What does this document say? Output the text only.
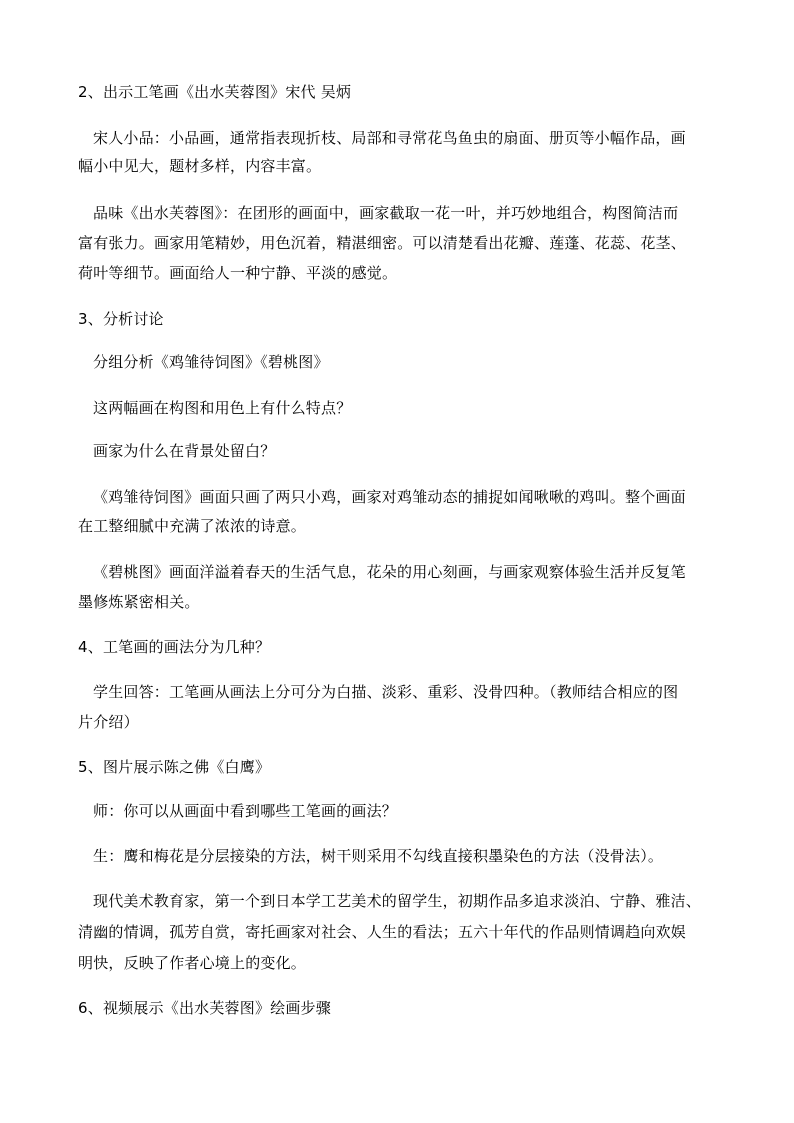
2、出示工笔画《出水芙蓉图》宋代 吴炳
宋人小品：小品画，通常指表现折枝、局部和寻常花鸟鱼虫的扇面、册页等小幅作品，画
幅小中见大，题材多样，内容丰富。
品味《出水芙蓉图》：在团形的画面中，画家截取一花一叶，并巧妙地组合，构图简洁而
富有张力。画家用笔精妙，用色沉着，精湛细密。可以清楚看出花瓣、莲蓬、花蕊、花茎、
荷叶等细节。画面给人一种宁静、平淡的感觉。
3、分析讨论
分组分析《鸡雏待饲图》《碧桃图》
这两幅画在构图和用色上有什么特点？
画家为什么在背景处留白？
《鸡雏待饲图》画面只画了两只小鸡，画家对鸡雏动态的捕捉如闻啾啾的鸡叫。整个画面
在工整细腻中充满了浓浓的诗意。
《碧桃图》画面洋溢着春天的生活气息，花朵的用心刻画，与画家观察体验生活并反复笔
墨修炼紧密相关。
4、工笔画的画法分为几种？
学生回答：工笔画从画法上分可分为白描、淡彩、重彩、没骨四种。（教师结合相应的图
片介绍）
5、图片展示陈之佛《白鹰》
师：你可以从画面中看到哪些工笔画的画法？
生：鹰和梅花是分层接染的方法，树干则采用不勾线直接积墨染色的方法（没骨法）。
现代美术教育家，第一个到日本学工艺美术的留学生，初期作品多追求淡泊、宁静、雅洁、
清幽的情调，孤芳自赏，寄托画家对社会、人生的看法；五六十年代的作品则情调趋向欢娱
明快，反映了作者心境上的变化。
6、视频展示《出水芙蓉图》绘画步骤
